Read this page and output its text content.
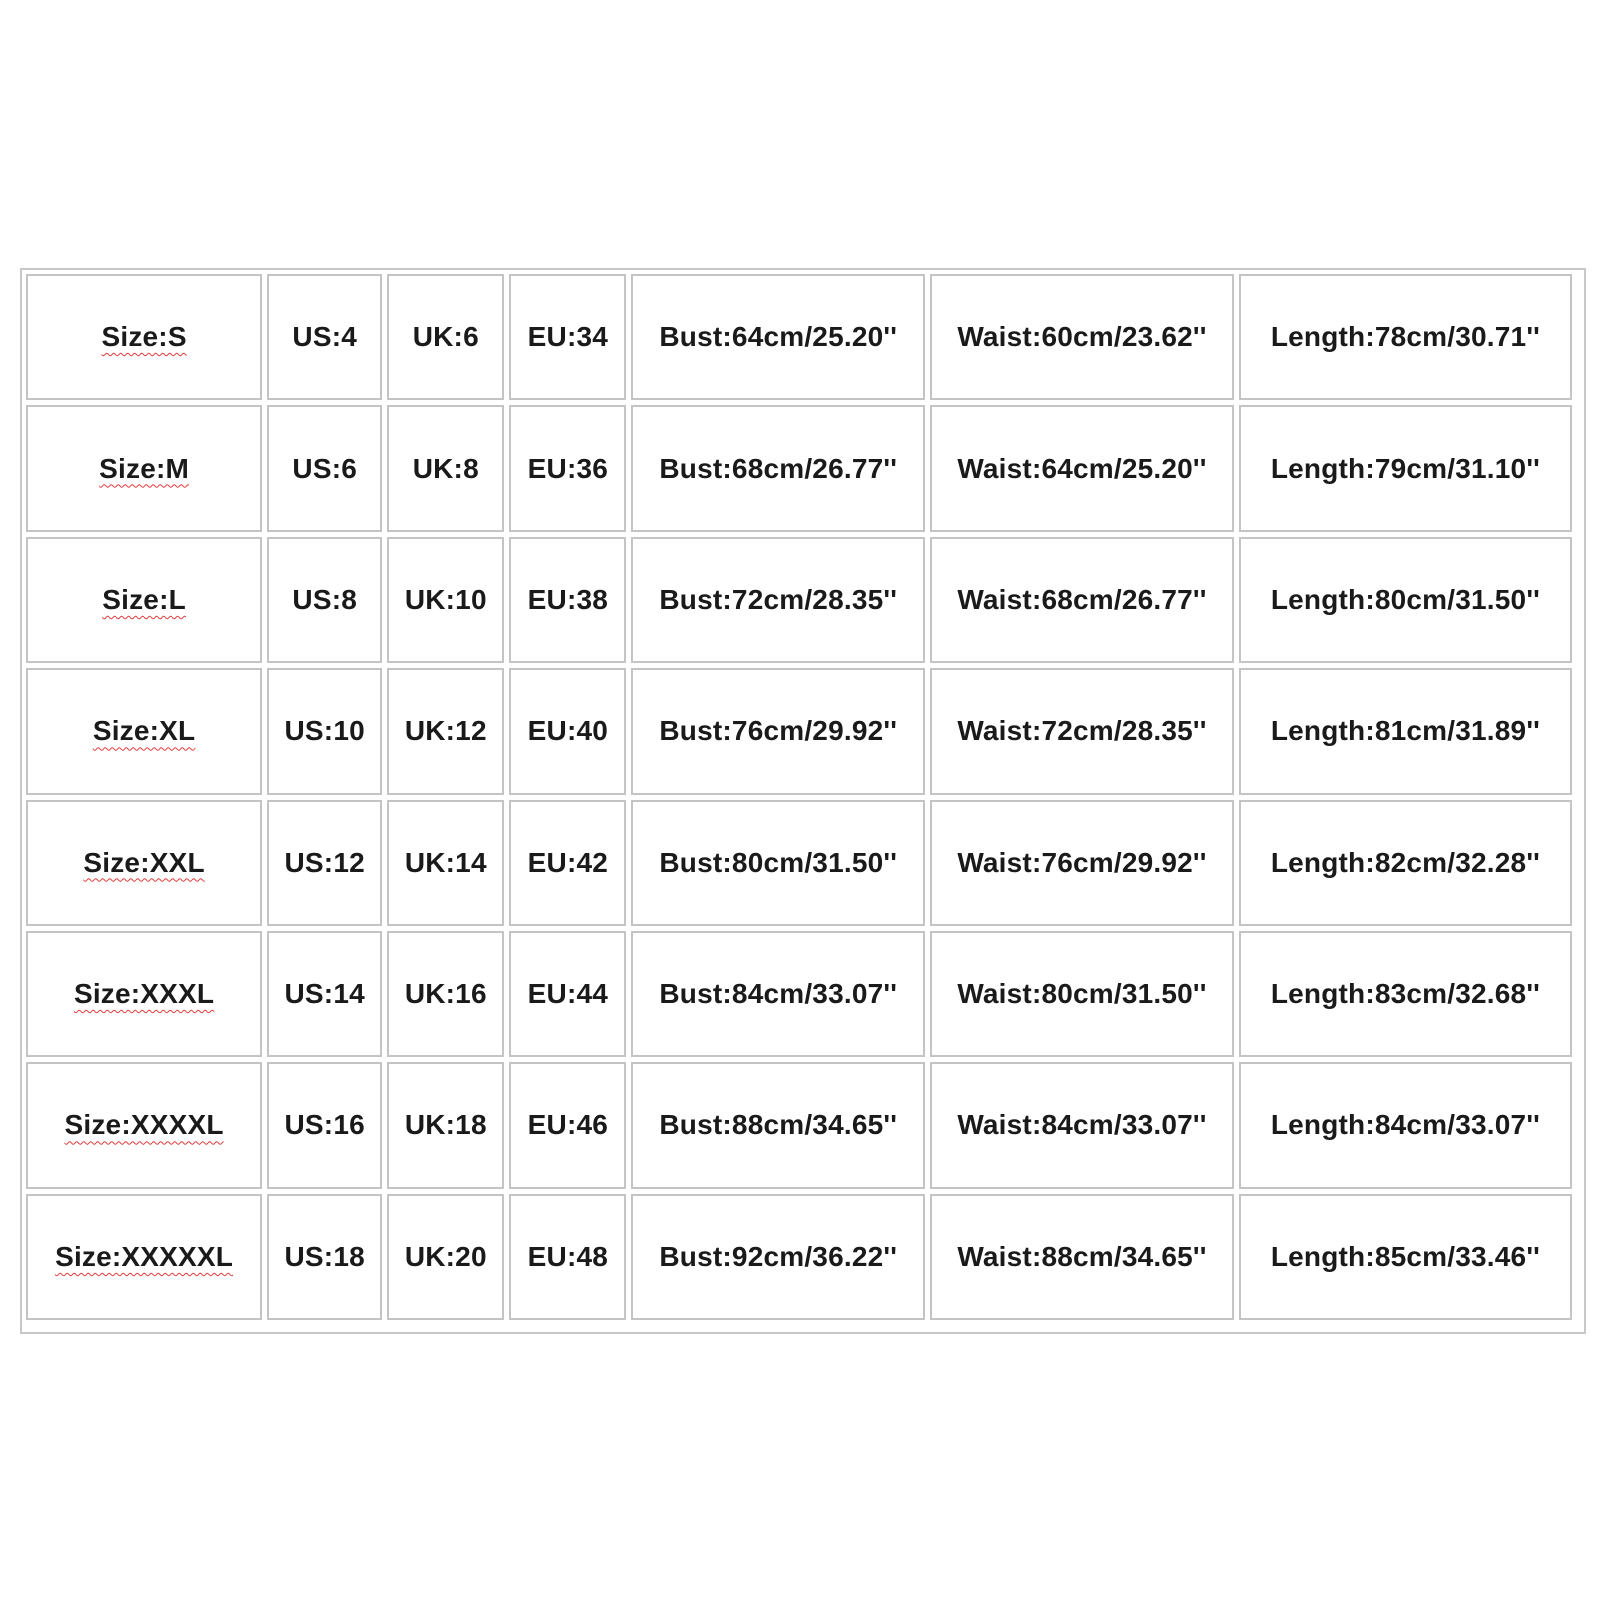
Size:S	US:4	UK:6	EU:34	Bust:64cm/25.20''	Waist:60cm/23.62''	Length:78cm/30.71''
Size:M	US:6	UK:8	EU:36	Bust:68cm/26.77''	Waist:64cm/25.20''	Length:79cm/31.10''
Size:L	US:8	UK:10	EU:38	Bust:72cm/28.35''	Waist:68cm/26.77''	Length:80cm/31.50''
Size:XL	US:10	UK:12	EU:40	Bust:76cm/29.92''	Waist:72cm/28.35''	Length:81cm/31.89''
Size:XXL	US:12	UK:14	EU:42	Bust:80cm/31.50''	Waist:76cm/29.92''	Length:82cm/32.28''
Size:XXXL	US:14	UK:16	EU:44	Bust:84cm/33.07''	Waist:80cm/31.50''	Length:83cm/32.68''
Size:XXXXL	US:16	UK:18	EU:46	Bust:88cm/34.65''	Waist:84cm/33.07''	Length:84cm/33.07''
Size:XXXXXL	US:18	UK:20	EU:48	Bust:92cm/36.22''	Waist:88cm/34.65''	Length:85cm/33.46''
